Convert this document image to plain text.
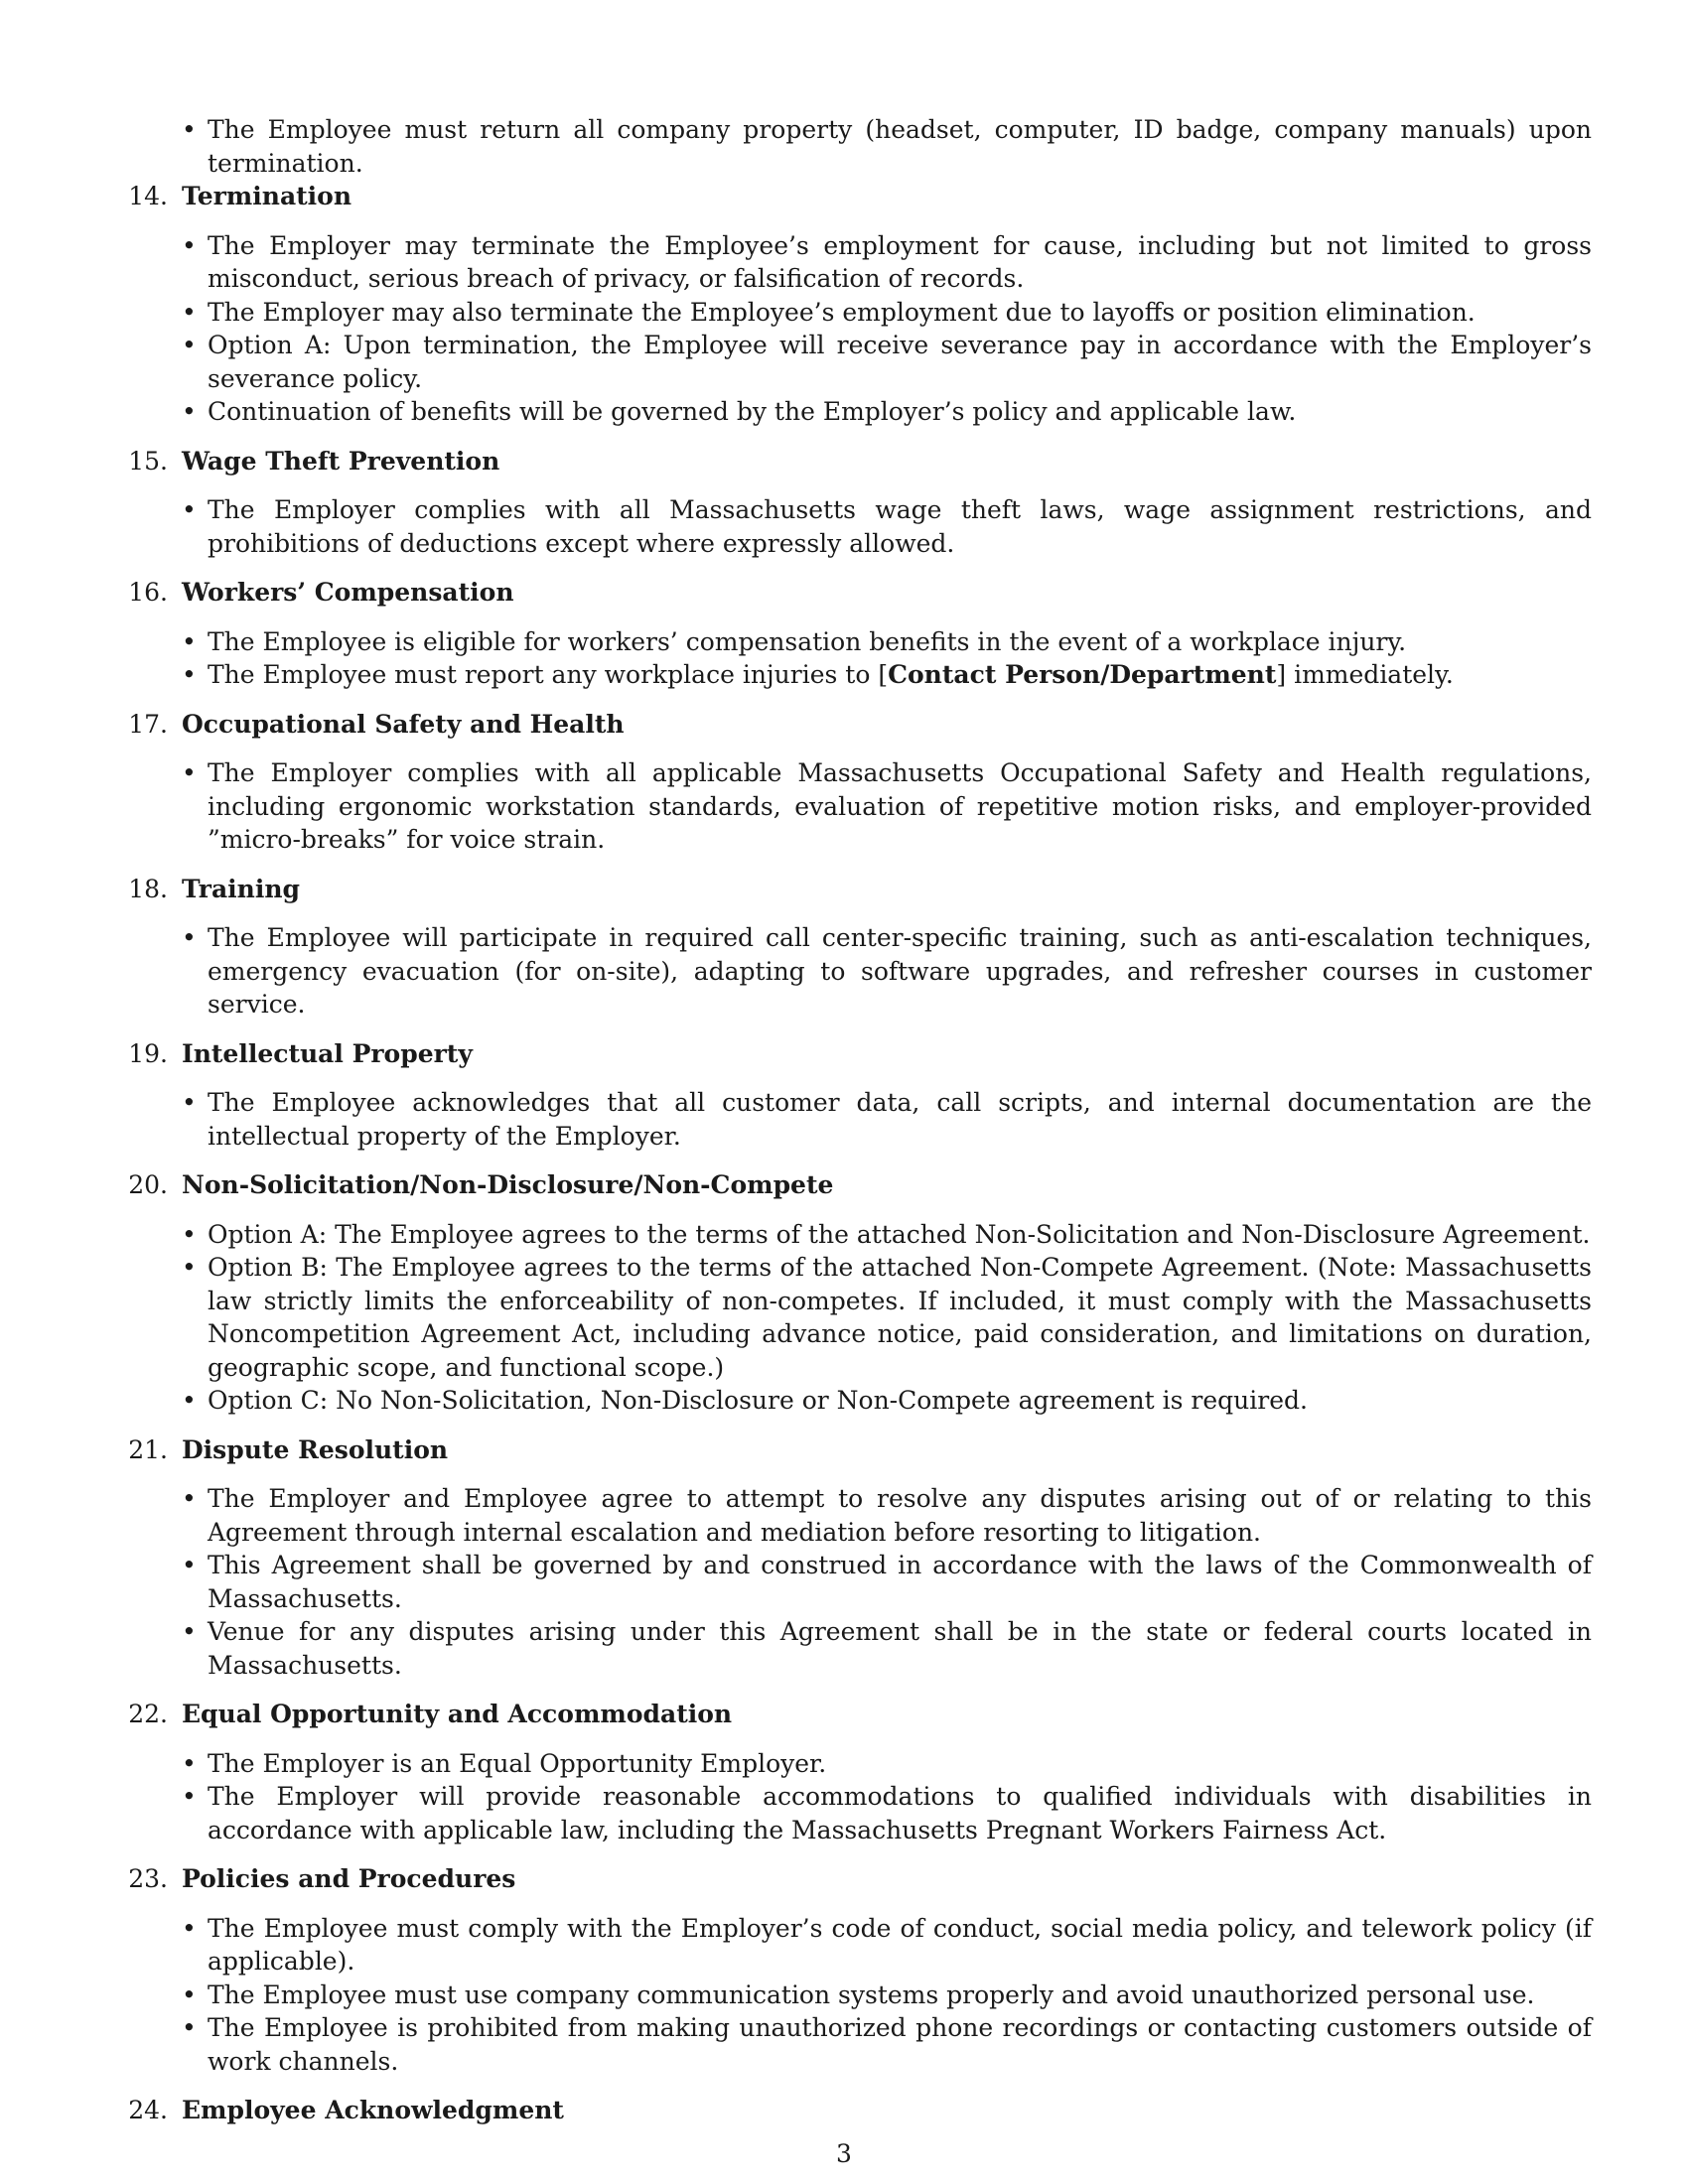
• The Employee must return all company property (headset, computer, ID badge, company manuals) upon termination.
14. Termination
• The Employer may terminate the Employee’s employment for cause, including but not limited to gross misconduct, serious breach of privacy, or falsification of records.
• The Employer may also terminate the Employee’s employment due to layoffs or position elimination.
• Option A: Upon termination, the Employee will receive severance pay in accordance with the Employer’s severance policy.
• Continuation of benefits will be governed by the Employer’s policy and applicable law.
15. Wage Theft Prevention
• The Employer complies with all Massachusetts wage theft laws, wage assignment restrictions, and prohibitions of deductions except where expressly allowed.
16. Workers’ Compensation
• The Employee is eligible for workers’ compensation benefits in the event of a workplace injury.
• The Employee must report any workplace injuries to [Contact Person/Department] immediately.
17. Occupational Safety and Health
• The Employer complies with all applicable Massachusetts Occupational Safety and Health regulations, including ergonomic workstation standards, evaluation of repetitive motion risks, and employer-provided ”micro-breaks” for voice strain.
18. Training
• The Employee will participate in required call center-specific training, such as anti-escalation techniques, emergency evacuation (for on-site), adapting to software upgrades, and refresher courses in customer service.
19. Intellectual Property
• The Employee acknowledges that all customer data, call scripts, and internal documentation are the intellectual property of the Employer.
20. Non-Solicitation/Non-Disclosure/Non-Compete
• Option A: The Employee agrees to the terms of the attached Non-Solicitation and Non-Disclosure Agreement.
• Option B: The Employee agrees to the terms of the attached Non-Compete Agreement. (Note: Massachusetts law strictly limits the enforceability of non-competes. If included, it must comply with the Massachusetts Noncompetition Agreement Act, including advance notice, paid consideration, and limitations on duration, geographic scope, and functional scope.)
• Option C: No Non-Solicitation, Non-Disclosure or Non-Compete agreement is required.
21. Dispute Resolution
• The Employer and Employee agree to attempt to resolve any disputes arising out of or relating to this Agreement through internal escalation and mediation before resorting to litigation.
• This Agreement shall be governed by and construed in accordance with the laws of the Commonwealth of Massachusetts.
• Venue for any disputes arising under this Agreement shall be in the state or federal courts located in Massachusetts.
22. Equal Opportunity and Accommodation
• The Employer is an Equal Opportunity Employer.
• The Employer will provide reasonable accommodations to qualified individuals with disabilities in accordance with applicable law, including the Massachusetts Pregnant Workers Fairness Act.
23. Policies and Procedures
• The Employee must comply with the Employer’s code of conduct, social media policy, and telework policy (if applicable).
• The Employee must use company communication systems properly and avoid unauthorized personal use.
• The Employee is prohibited from making unauthorized phone recordings or contacting customers outside of work channels.
24. Employee Acknowledgment
3
